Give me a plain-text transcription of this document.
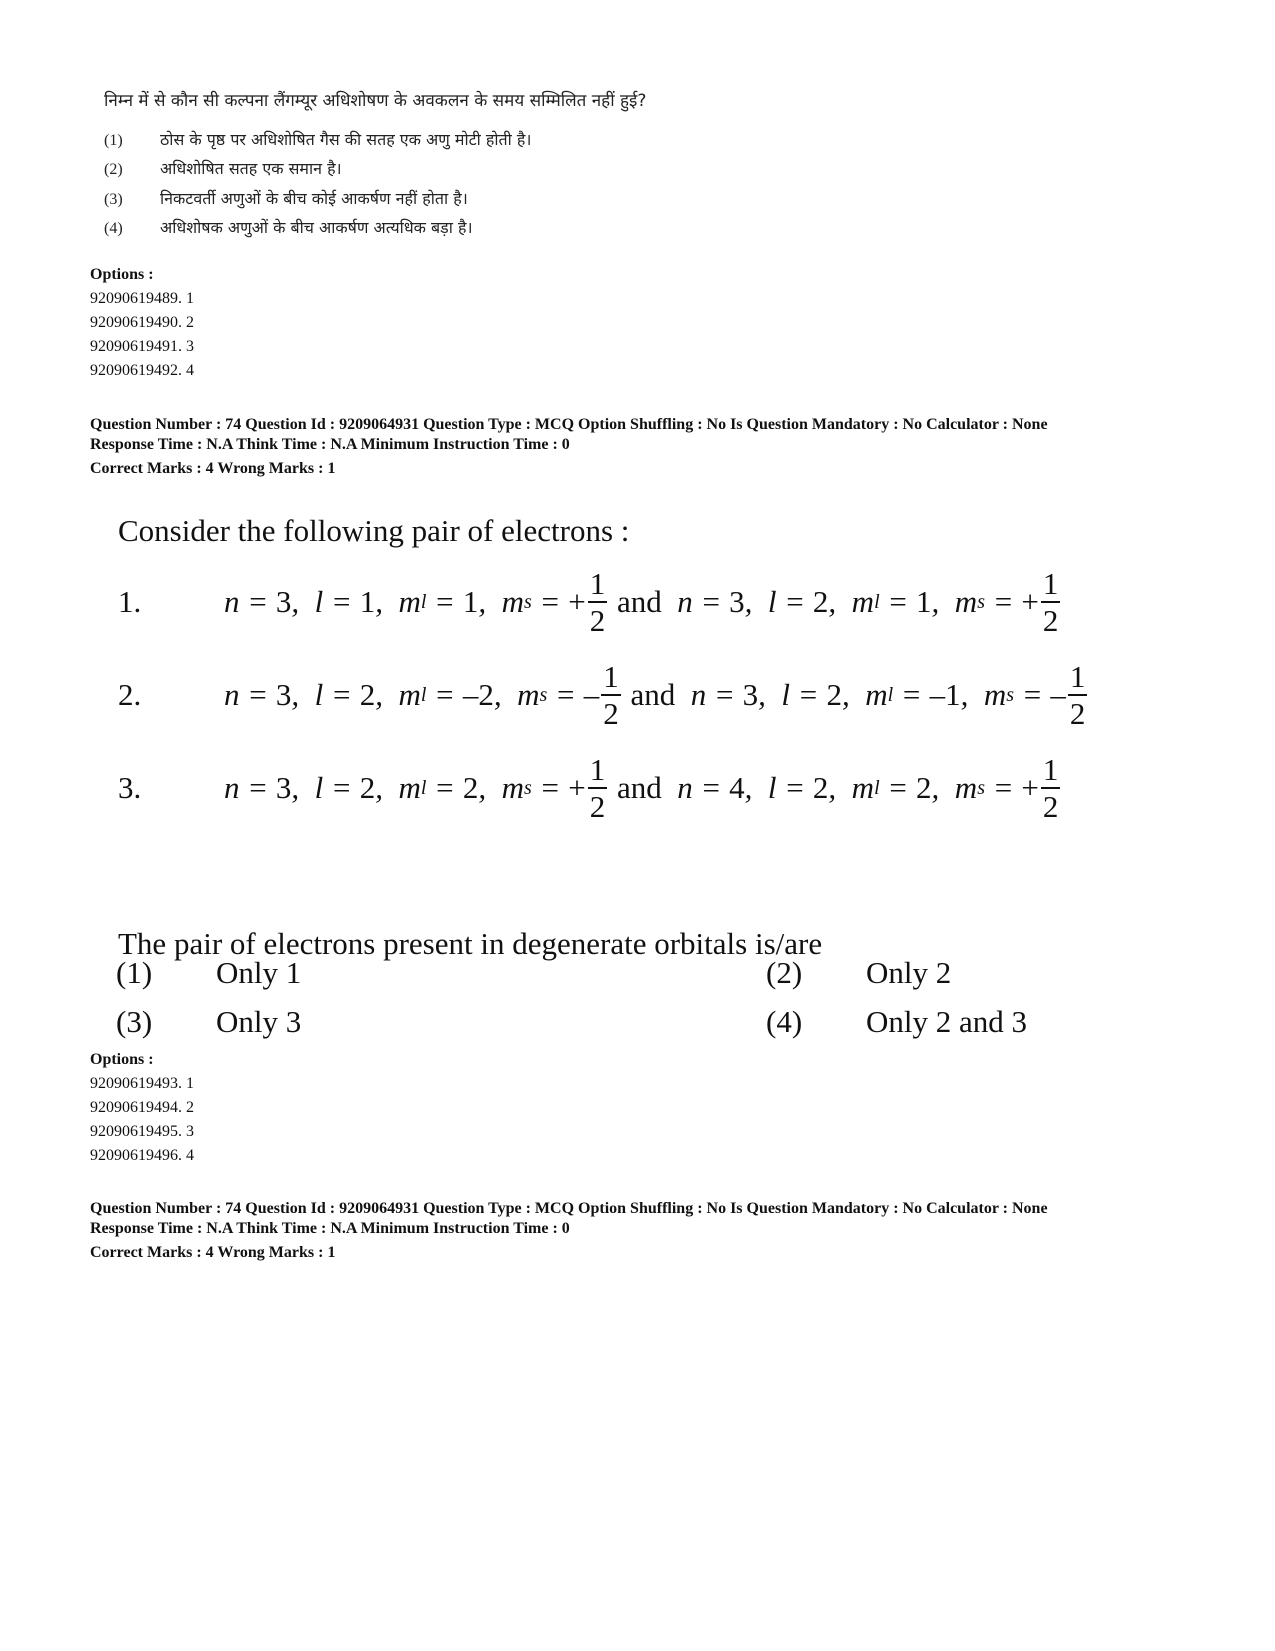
निम्न में से कौन सी कल्पना लैंगम्यूर अधिशोषण के अवकलन के समय सम्मिलित नहीं हुई?
(1) ठोस के पृष्ठ पर अधिशोषित गैस की सतह एक अणु मोटी होती है।
(2) अधिशोषित सतह एक समान है।
(3) निकटवर्ती अणुओं के बीच कोई आकर्षण नहीं होता है।
(4) अधिशोषक अणुओं के बीच आकर्षण अत्यधिक बड़ा है।
Options :
92090619489. 1
92090619490. 2
92090619491. 3
92090619492. 4
Question Number : 74 Question Id : 9209064931 Question Type : MCQ Option Shuffling : No Is Question Mandatory : No Calculator : None
Response Time : N.A Think Time : N.A Minimum Instruction Time : 0
Correct Marks : 4 Wrong Marks : 1
Consider the following pair of electrons :
1.	n = 3 ,  l = 1 ,  m l = 1 ,  m s = + $\frac{1}{2}$
and n = 3 ,  l = 2 ,  m l = 1 ,  m s = + $\frac{1}{2}$
2.	n = 3 ,  l = 2 ,  m l = –2 ,  m s = – $\frac{1}{2}$
and n = 3 ,  l = 2 ,  m l = –1 ,  m s = – $\frac{1}{2}$
3.	n = 3 ,  l = 2 ,  m l = 2 ,  m s = + $\frac{1}{2}$
and n = 4 ,  l = 2 ,  m l = 2 ,  m s = + $\frac{1}{2}$
The pair of electrons present in degenerate orbitals is/are
(1) Only 1	(2) Only 2
(3) Only 3	(4) Only 2 and 3
Options :
92090619493. 1
92090619494. 2
92090619495. 3
92090619496. 4
Question Number : 74 Question Id : 9209064931 Question Type : MCQ Option Shuffling : No Is Question Mandatory : No Calculator : None
Response Time : N.A Think Time : N.A Minimum Instruction Time : 0
Correct Marks : 4 Wrong Marks : 1
